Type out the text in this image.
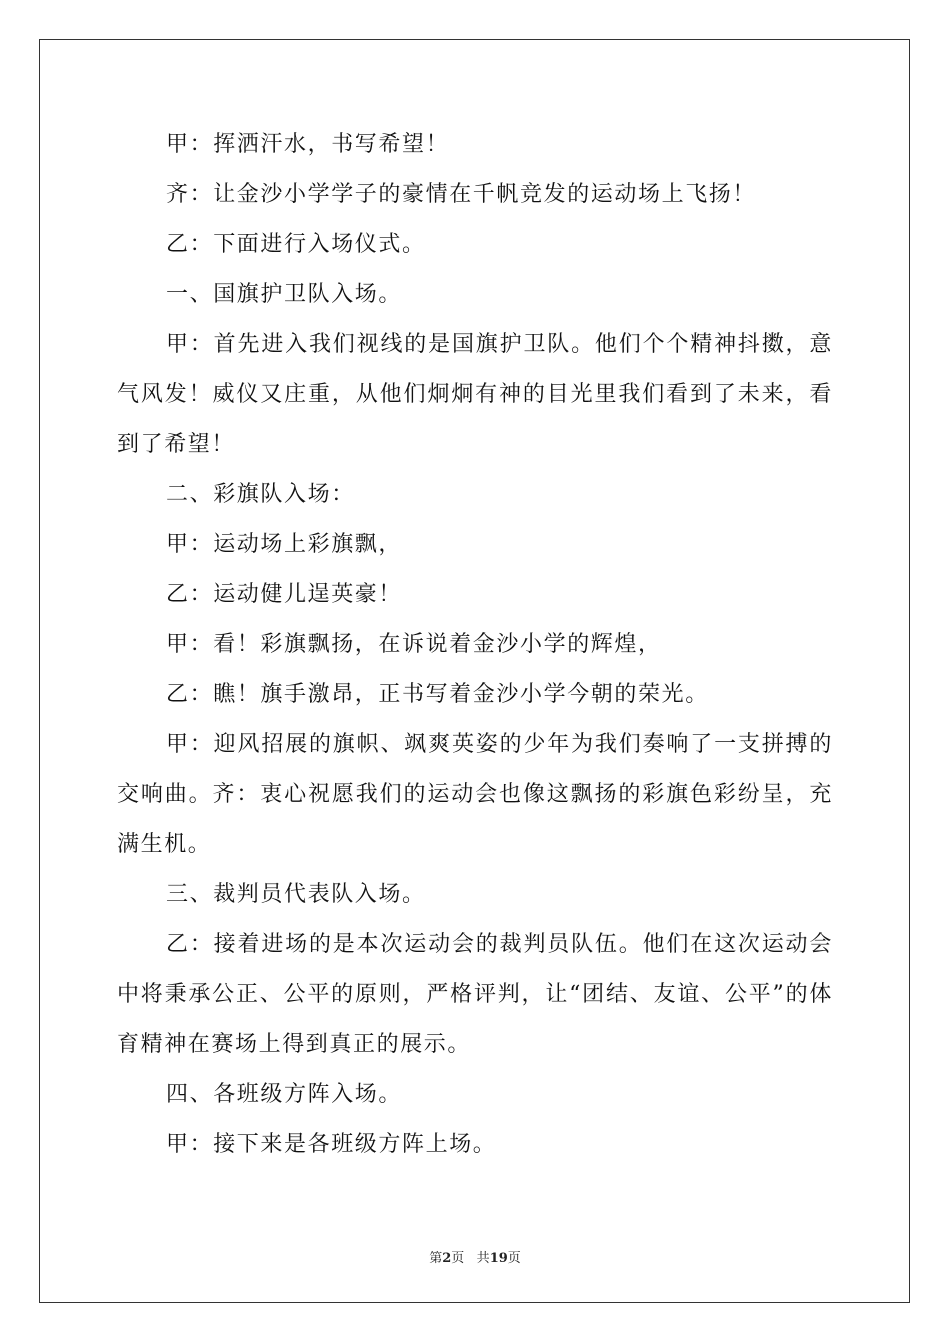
甲：挥洒汗水，书写希望！

齐：让金沙小学学子的豪情在千帆竞发的运动场上飞扬！

乙：下面进行入场仪式。

一、国旗护卫队入场。

甲：首先进入我们视线的是国旗护卫队。他们个个精神抖擞，意气风发！威仪又庄重，从他们炯炯有神的目光里我们看到了未来，看到了希望！

二、彩旗队入场：

甲：运动场上彩旗飘，

乙：运动健儿逞英豪！

甲：看！彩旗飘扬，在诉说着金沙小学的辉煌，

乙：瞧！旗手激昂，正书写着金沙小学今朝的荣光。

甲：迎风招展的旗帜、飒爽英姿的少年为我们奏响了一支拼搏的交响曲。齐：衷心祝愿我们的运动会也像这飘扬的彩旗色彩纷呈，充满生机。

三、裁判员代表队入场。

乙：接着进场的是本次运动会的裁判员队伍。他们在这次运动会中将秉承公正、公平的原则，严格评判，让“团结、友谊、公平”的体育精神在赛场上得到真正的展示。

四、各班级方阵入场。

甲：接下来是各班级方阵上场。

第2页 共19页
